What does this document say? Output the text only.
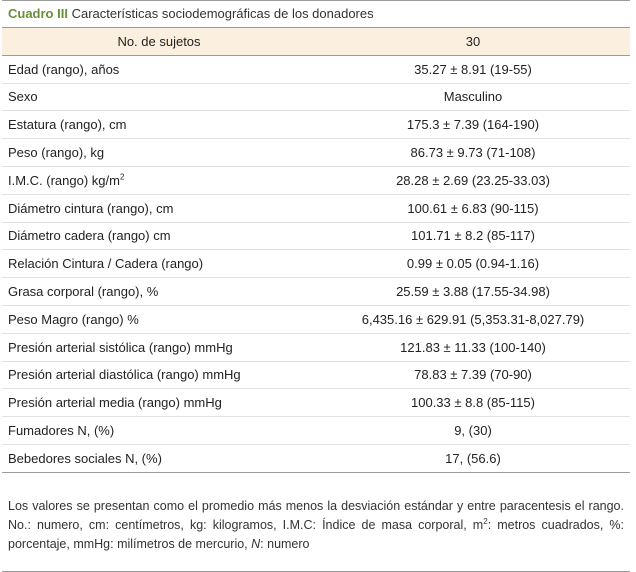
Cuadro III Características sociodemográficas de los donadores
No. de sujetos	30
Edad (rango), años	35.27 ± 8.91 (19-55)
Sexo	Masculino
Estatura (rango), cm	175.3 ± 7.39 (164-190)
Peso (rango), kg	86.73 ± 9.73 (71-108)
I.M.C. (rango) $kg/m^2$	28.28 ± 2.69 (23.25-33.03)
Diámetro cintura (rango), cm	100.61 ± 6.83 (90-115)
Diámetro cadera (rango) cm	101.71 ± 8.2 (85-117)
Relación Cintura / Cadera (rango)	0.99 ± 0.05 (0.94-1.16)
Grasa corporal (rango), %	25.59 ± 3.88 (17.55-34.98)
Peso Magro (rango) %	6,435.16 ± 629.91 (5,353.31-8,027.79)
Presión arterial sistólica (rango) mmHg	121.83 ± 11.33 (100-140)
Presión arterial diastólica (rango) mmHg	78.83 ± 7.39 (70-90)
Presión arterial media (rango) mmHg	100.33 ± 8.8 (85-115)
Fumadores N, (%)	9, (30)
Bebedores sociales N, (%)	17, (56.6)
Los valores se presentan como el promedio más menos la desviación estándar y entre paracentesis el rango. No.: numero, cm: centímetros, kg: kilogramos, I.M.C: Índice de masa corporal, $m^2$: metros cuadrados, %: porcentaje, mmHg: milímetros de mercurio, N: numero
